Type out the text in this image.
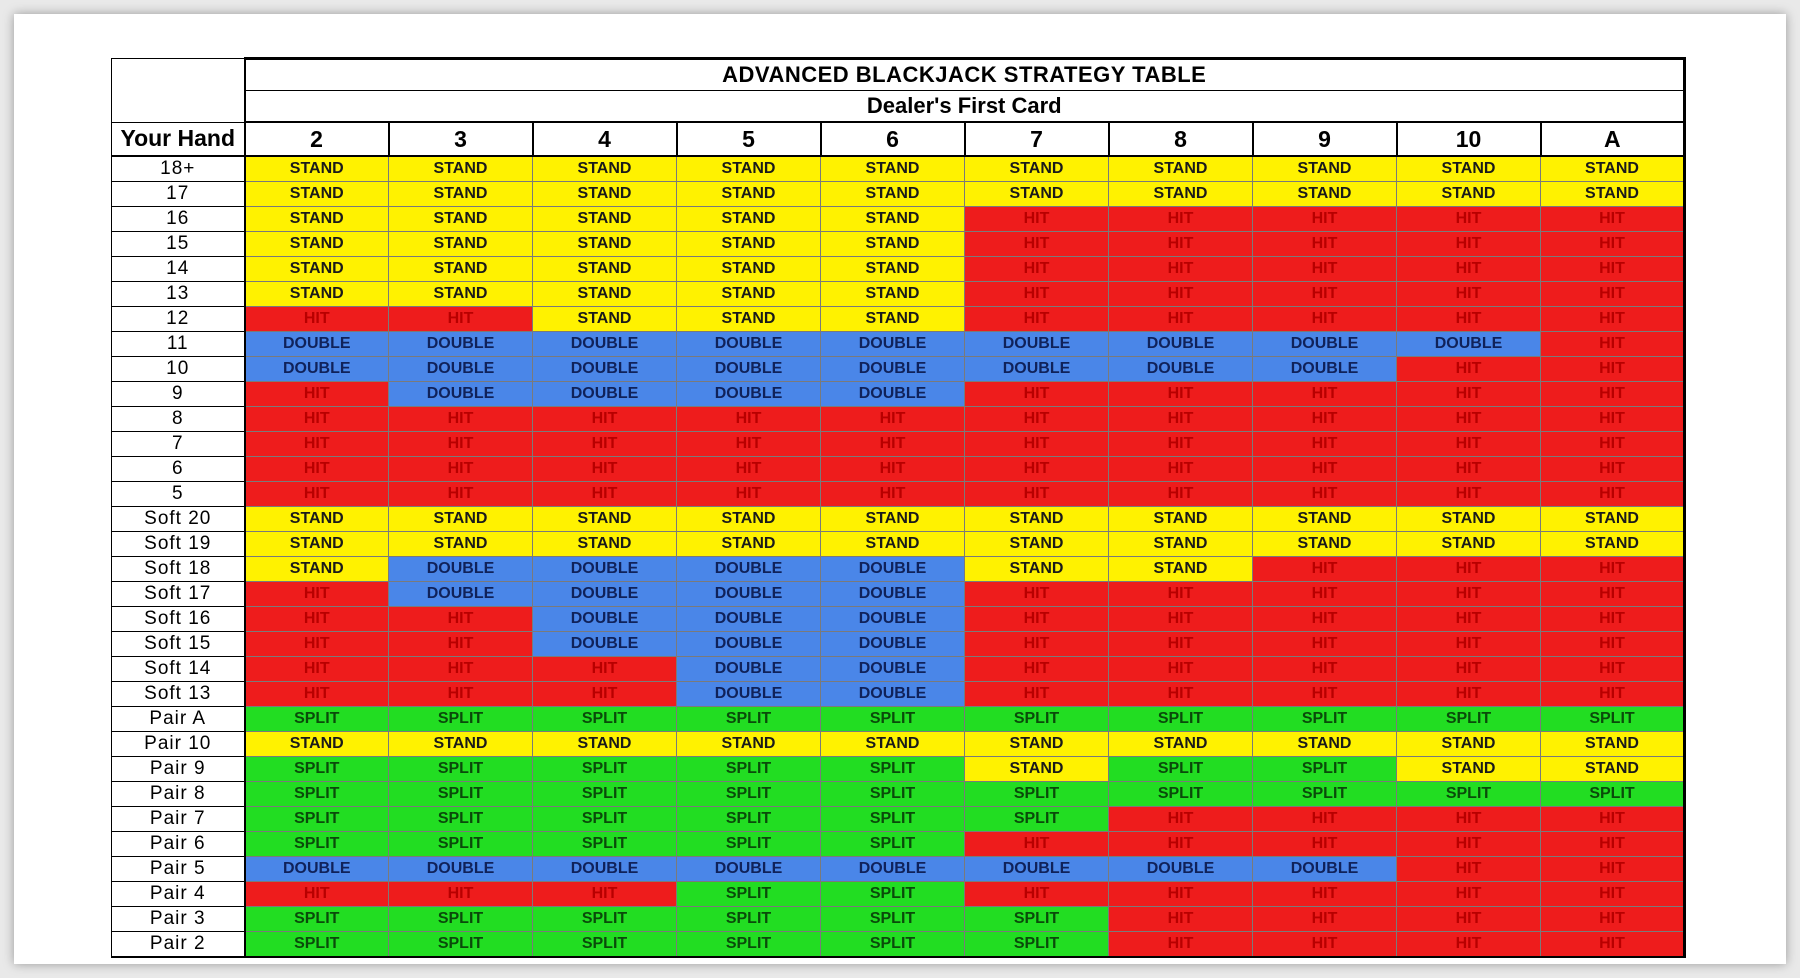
	ADVANCED BLACKJACK STRATEGY TABLE									
	Dealer's First Card									
Your Hand	2	3	4	5	6	7	8	9	10	A
18+	STAND	STAND	STAND	STAND	STAND	STAND	STAND	STAND	STAND	STAND
17	STAND	STAND	STAND	STAND	STAND	STAND	STAND	STAND	STAND	STAND
16	STAND	STAND	STAND	STAND	STAND	HIT	HIT	HIT	HIT	HIT
15	STAND	STAND	STAND	STAND	STAND	HIT	HIT	HIT	HIT	HIT
14	STAND	STAND	STAND	STAND	STAND	HIT	HIT	HIT	HIT	HIT
13	STAND	STAND	STAND	STAND	STAND	HIT	HIT	HIT	HIT	HIT
12	HIT	HIT	STAND	STAND	STAND	HIT	HIT	HIT	HIT	HIT
11	DOUBLE	DOUBLE	DOUBLE	DOUBLE	DOUBLE	DOUBLE	DOUBLE	DOUBLE	DOUBLE	HIT
10	DOUBLE	DOUBLE	DOUBLE	DOUBLE	DOUBLE	DOUBLE	DOUBLE	DOUBLE	HIT	HIT
9	HIT	DOUBLE	DOUBLE	DOUBLE	DOUBLE	HIT	HIT	HIT	HIT	HIT
8	HIT	HIT	HIT	HIT	HIT	HIT	HIT	HIT	HIT	HIT
7	HIT	HIT	HIT	HIT	HIT	HIT	HIT	HIT	HIT	HIT
6	HIT	HIT	HIT	HIT	HIT	HIT	HIT	HIT	HIT	HIT
5	HIT	HIT	HIT	HIT	HIT	HIT	HIT	HIT	HIT	HIT
Soft 20	STAND	STAND	STAND	STAND	STAND	STAND	STAND	STAND	STAND	STAND
Soft 19	STAND	STAND	STAND	STAND	STAND	STAND	STAND	STAND	STAND	STAND
Soft 18	STAND	DOUBLE	DOUBLE	DOUBLE	DOUBLE	STAND	STAND	HIT	HIT	HIT
Soft 17	HIT	DOUBLE	DOUBLE	DOUBLE	DOUBLE	HIT	HIT	HIT	HIT	HIT
Soft 16	HIT	HIT	DOUBLE	DOUBLE	DOUBLE	HIT	HIT	HIT	HIT	HIT
Soft 15	HIT	HIT	DOUBLE	DOUBLE	DOUBLE	HIT	HIT	HIT	HIT	HIT
Soft 14	HIT	HIT	HIT	DOUBLE	DOUBLE	HIT	HIT	HIT	HIT	HIT
Soft 13	HIT	HIT	HIT	DOUBLE	DOUBLE	HIT	HIT	HIT	HIT	HIT
Pair A	SPLIT	SPLIT	SPLIT	SPLIT	SPLIT	SPLIT	SPLIT	SPLIT	SPLIT	SPLIT
Pair 10	STAND	STAND	STAND	STAND	STAND	STAND	STAND	STAND	STAND	STAND
Pair 9	SPLIT	SPLIT	SPLIT	SPLIT	SPLIT	STAND	SPLIT	SPLIT	STAND	STAND
Pair 8	SPLIT	SPLIT	SPLIT	SPLIT	SPLIT	SPLIT	SPLIT	SPLIT	SPLIT	SPLIT
Pair 7	SPLIT	SPLIT	SPLIT	SPLIT	SPLIT	SPLIT	HIT	HIT	HIT	HIT
Pair 6	SPLIT	SPLIT	SPLIT	SPLIT	SPLIT	HIT	HIT	HIT	HIT	HIT
Pair 5	DOUBLE	DOUBLE	DOUBLE	DOUBLE	DOUBLE	DOUBLE	DOUBLE	DOUBLE	HIT	HIT
Pair 4	HIT	HIT	HIT	SPLIT	SPLIT	HIT	HIT	HIT	HIT	HIT
Pair 3	SPLIT	SPLIT	SPLIT	SPLIT	SPLIT	SPLIT	HIT	HIT	HIT	HIT
Pair 2	SPLIT	SPLIT	SPLIT	SPLIT	SPLIT	SPLIT	HIT	HIT	HIT	HIT
